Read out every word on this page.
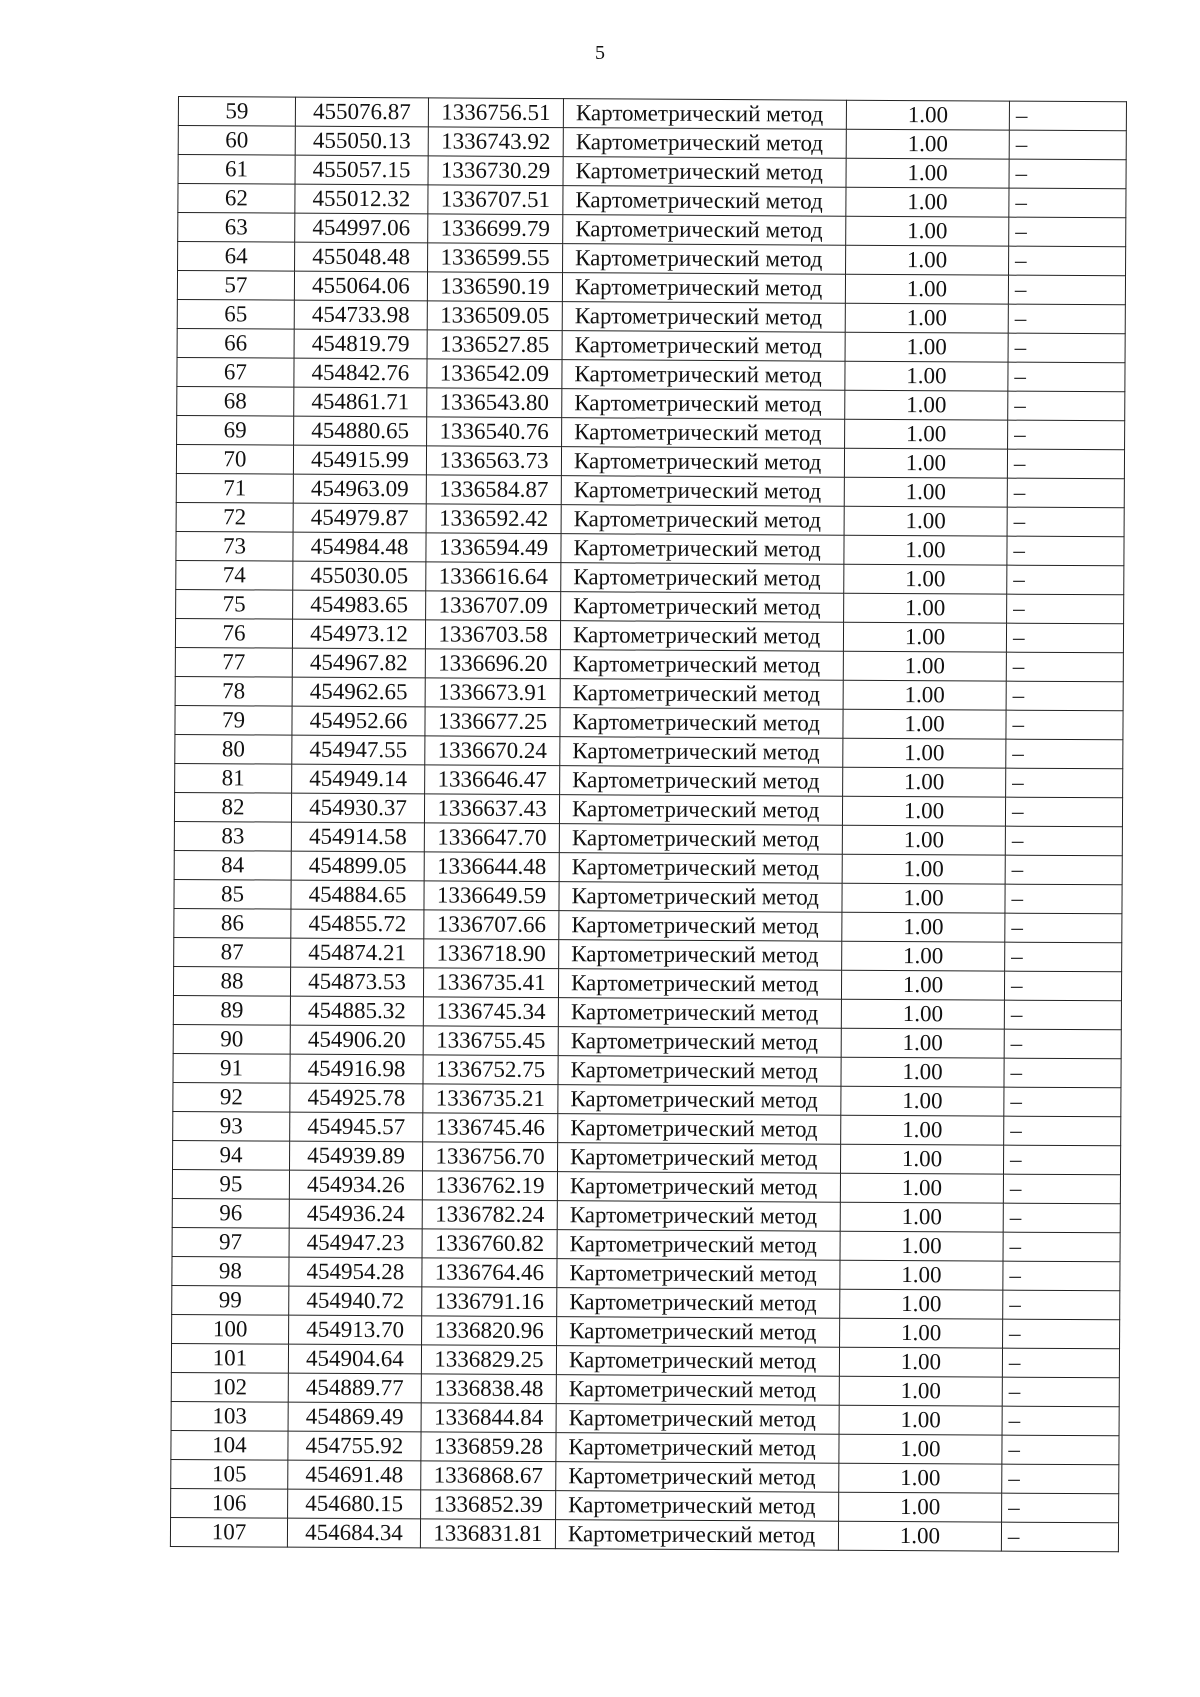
5
59	455076.87	1336756.51	Картометрический метод	1.00	–
60	455050.13	1336743.92	Картометрический метод	1.00	–
61	455057.15	1336730.29	Картометрический метод	1.00	–
62	455012.32	1336707.51	Картометрический метод	1.00	–
63	454997.06	1336699.79	Картометрический метод	1.00	–
64	455048.48	1336599.55	Картометрический метод	1.00	–
57	455064.06	1336590.19	Картометрический метод	1.00	–
65	454733.98	1336509.05	Картометрический метод	1.00	–
66	454819.79	1336527.85	Картометрический метод	1.00	–
67	454842.76	1336542.09	Картометрический метод	1.00	–
68	454861.71	1336543.80	Картометрический метод	1.00	–
69	454880.65	1336540.76	Картометрический метод	1.00	–
70	454915.99	1336563.73	Картометрический метод	1.00	–
71	454963.09	1336584.87	Картометрический метод	1.00	–
72	454979.87	1336592.42	Картометрический метод	1.00	–
73	454984.48	1336594.49	Картометрический метод	1.00	–
74	455030.05	1336616.64	Картометрический метод	1.00	–
75	454983.65	1336707.09	Картометрический метод	1.00	–
76	454973.12	1336703.58	Картометрический метод	1.00	–
77	454967.82	1336696.20	Картометрический метод	1.00	–
78	454962.65	1336673.91	Картометрический метод	1.00	–
79	454952.66	1336677.25	Картометрический метод	1.00	–
80	454947.55	1336670.24	Картометрический метод	1.00	–
81	454949.14	1336646.47	Картометрический метод	1.00	–
82	454930.37	1336637.43	Картометрический метод	1.00	–
83	454914.58	1336647.70	Картометрический метод	1.00	–
84	454899.05	1336644.48	Картометрический метод	1.00	–
85	454884.65	1336649.59	Картометрический метод	1.00	–
86	454855.72	1336707.66	Картометрический метод	1.00	–
87	454874.21	1336718.90	Картометрический метод	1.00	–
88	454873.53	1336735.41	Картометрический метод	1.00	–
89	454885.32	1336745.34	Картометрический метод	1.00	–
90	454906.20	1336755.45	Картометрический метод	1.00	–
91	454916.98	1336752.75	Картометрический метод	1.00	–
92	454925.78	1336735.21	Картометрический метод	1.00	–
93	454945.57	1336745.46	Картометрический метод	1.00	–
94	454939.89	1336756.70	Картометрический метод	1.00	–
95	454934.26	1336762.19	Картометрический метод	1.00	–
96	454936.24	1336782.24	Картометрический метод	1.00	–
97	454947.23	1336760.82	Картометрический метод	1.00	–
98	454954.28	1336764.46	Картометрический метод	1.00	–
99	454940.72	1336791.16	Картометрический метод	1.00	–
100	454913.70	1336820.96	Картометрический метод	1.00	–
101	454904.64	1336829.25	Картометрический метод	1.00	–
102	454889.77	1336838.48	Картометрический метод	1.00	–
103	454869.49	1336844.84	Картометрический метод	1.00	–
104	454755.92	1336859.28	Картометрический метод	1.00	–
105	454691.48	1336868.67	Картометрический метод	1.00	–
106	454680.15	1336852.39	Картометрический метод	1.00	–
107	454684.34	1336831.81	Картометрический метод	1.00	–
